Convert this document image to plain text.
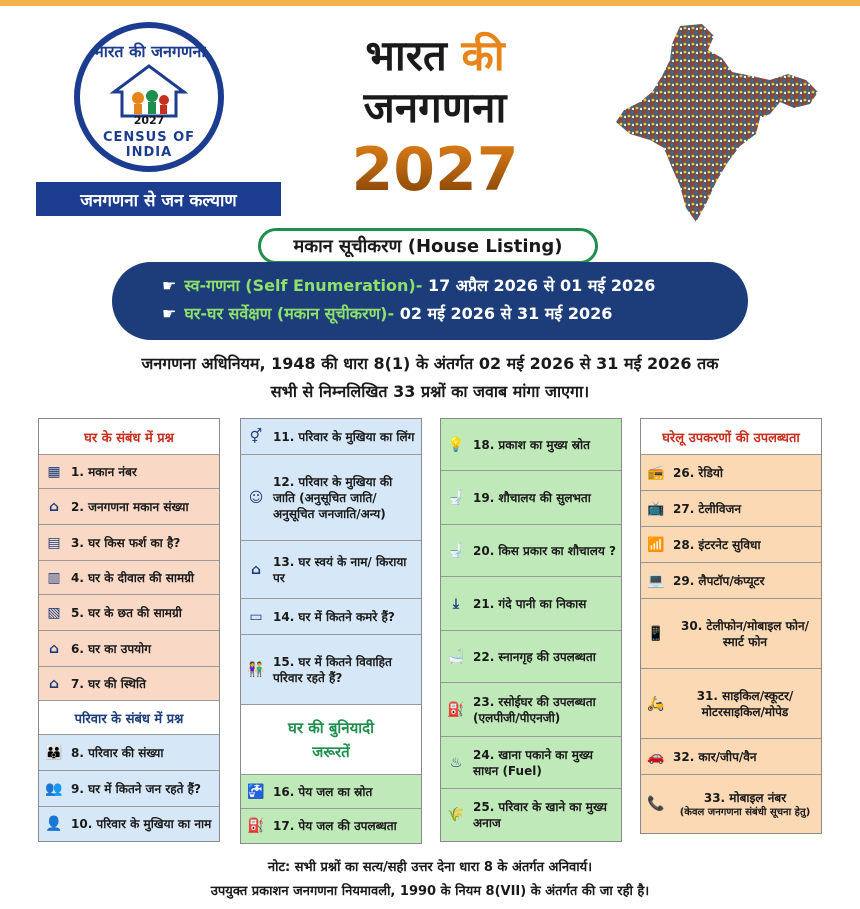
भारत की जनगणना
2027
CENSUS OF INDIA
जनगणना से जन कल्याण
भारत की
जनगणना
2027
मकान सूचीकरण (House Listing)
☛ स्व-गणना (Self Enumeration)- 17 अप्रैल 2026 से 01 मई 2026
☛ घर-घर सर्वेक्षण (मकान सूचीकरण)- 02 मई 2026 से 31 मई 2026
जनगणना अधिनियम, 1948 की धारा 8(1) के अंतर्गत 02 मई 2026 से 31 मई 2026 तक
सभी से निम्नलिखित 33 प्रश्नों का जवाब मांगा जाएगा।
घर के संबंध में प्रश्न
▦ 1. मकान नंबर
⌂ 2. जनगणना मकान संख्या
▤ 3. घर किस फर्श का है?
▥ 4. घर के दीवाल की सामग्री
▧ 5. घर के छत की सामग्री
⌂ 6. घर का उपयोग
⌂ 7. घर की स्थिति
परिवार के संबंध में प्रश्न
👪 8. परिवार की संख्या
👥 9. घर में कितने जन रहते हैं?
👤 10. परिवार के मुखिया का नाम
⚥ 11. परिवार के मुखिया का लिंग
☺
12. परिवार के मुखिया की जाति (अनुसूचित जाति/ अनुसूचित जनजाति/अन्य)
⌂ 13. घर स्वयं के नाम/ किराया पर
▭ 14. घर में कितने कमरे हैं?
👫 15. घर में कितने विवाहित परिवार रहते हैं?
घर की बुनियादी जरूरतें
🚰 16. पेय जल का स्रोत
⛽ 17. पेय जल की उपलब्धता
💡 18. प्रकाश का मुख्य स्रोत
🚽 19. शौचालय की सुलभता
🚽 20. किस प्रकार का शौचालय ?
⤓	21. गंदे पानी का निकास
🛁 22. स्नानगृह की उपलब्धता
⛽ 23. रसोईघर की उपलब्धता (एलपीजी/पीएनजी)
♨ 24. खाना पकाने का मुख्य साधन (Fuel)
🌾 25. परिवार के खाने का मुख्य अनाज
घरेलू उपकरणों की उपलब्धता
📻 26. रेडियो
📺 27. टेलीविजन
📶 28. इंटरनेट सुविधा
💻 29. लैपटॉप/कंप्यूटर
📱	30. टेलीफोन/मोबाइल फोन/स्मार्ट फोन
🛵	31. साइकिल/स्कूटर/ मोटरसाइकिल/मोपेड
🚗 32. कार/जीप/वैन
📞	33. मोबाइल नंबर
(केवल जनगणना संबंधी सूचना हेतु)
नोट: सभी प्रश्नों का सत्य/सही उत्तर देना धारा 8 के अंतर्गत अनिवार्य।
उपयुक्त प्रकाशन जनगणना नियमावली, 1990 के नियम 8(VII) के अंतर्गत की जा रही है।
